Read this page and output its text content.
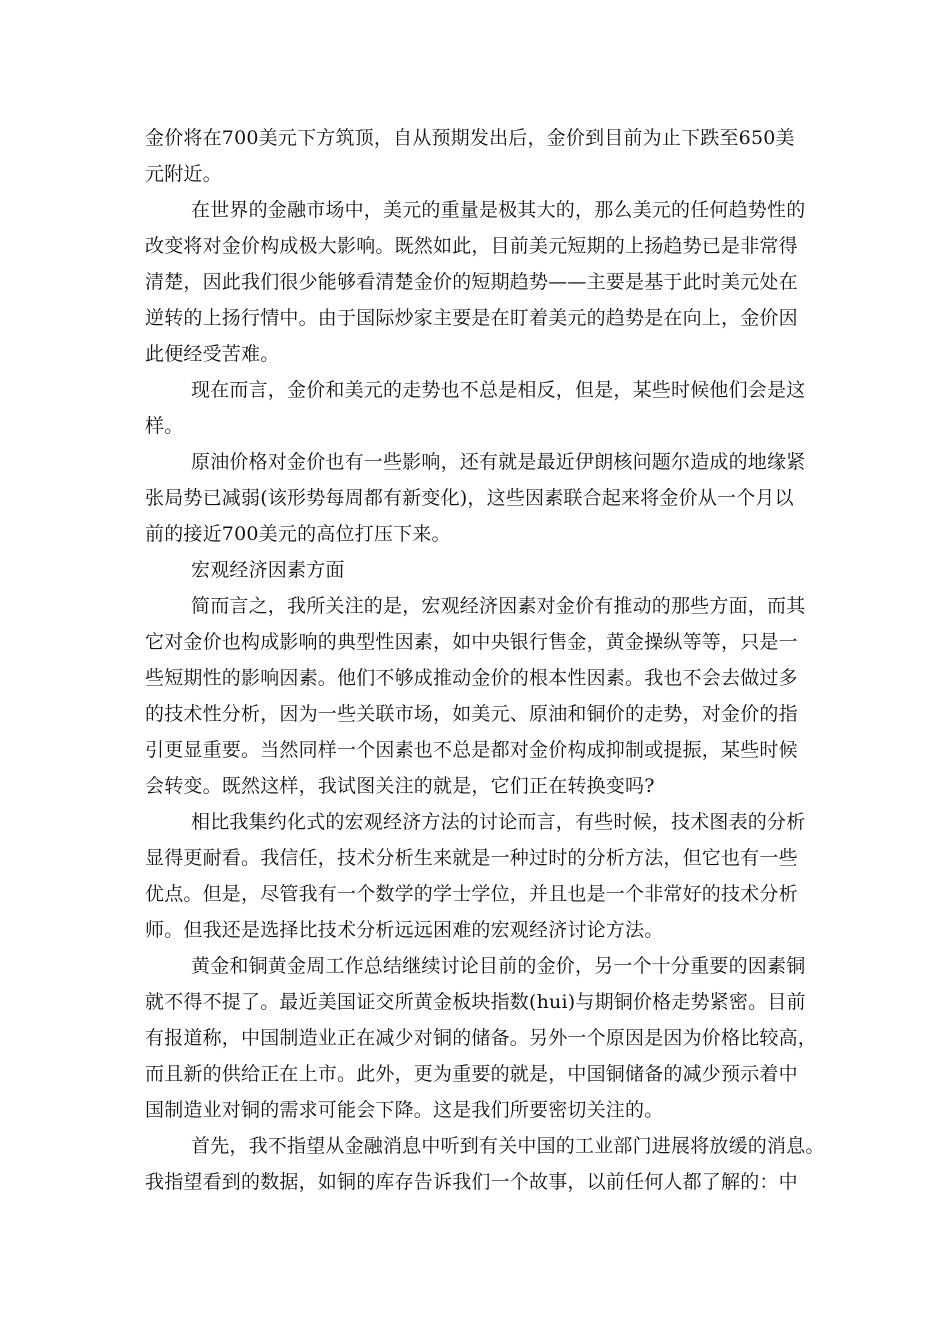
金价将在700美元下方筑顶，自从预期发出后，金价到目前为止下跌至650美
元附近。
在世界的金融市场中，美元的重量是极其大的，那么美元的任何趋势性的
改变将对金价构成极大影响。既然如此，目前美元短期的上扬趋势已是非常得
清楚，因此我们很少能够看清楚金价的短期趋势——主要是基于此时美元处在
逆转的上扬行情中。由于国际炒家主要是在盯着美元的趋势是在向上，金价因
此便经受苦难。
现在而言，金价和美元的走势也不总是相反，但是，某些时候他们会是这
样。
原油价格对金价也有一些影响，还有就是最近伊朗核问题尔造成的地缘紧
张局势已减弱(该形势每周都有新变化)，这些因素联合起来将金价从一个月以
前的接近700美元的高位打压下来。
宏观经济因素方面
简而言之，我所关注的是，宏观经济因素对金价有推动的那些方面，而其
它对金价也构成影响的典型性因素，如中央银行售金，黄金操纵等等，只是一
些短期性的影响因素。他们不够成推动金价的根本性因素。我也不会去做过多
的技术性分析，因为一些关联市场，如美元、原油和铜价的走势，对金价的指
引更显重要。当然同样一个因素也不总是都对金价构成抑制或提振，某些时候
会转变。既然这样，我试图关注的就是，它们正在转换变吗?
相比我集约化式的宏观经济方法的讨论而言，有些时候，技术图表的分析
显得更耐看。我信任，技术分析生来就是一种过时的分析方法，但它也有一些
优点。但是，尽管我有一个数学的学士学位，并且也是一个非常好的技术分析
师。但我还是选择比技术分析远远困难的宏观经济讨论方法。
黄金和铜黄金周工作总结继续讨论目前的金价，另一个十分重要的因素铜
就不得不提了。最近美国证交所黄金板块指数(hui)与期铜价格走势紧密。目前
有报道称，中国制造业正在减少对铜的储备。另外一个原因是因为价格比较高，
而且新的供给正在上市。此外，更为重要的就是，中国铜储备的减少预示着中
国制造业对铜的需求可能会下降。这是我们所要密切关注的。
首先，我不指望从金融消息中听到有关中国的工业部门进展将放缓的消息。
我指望看到的数据，如铜的库存告诉我们一个故事，以前任何人都了解的：中
